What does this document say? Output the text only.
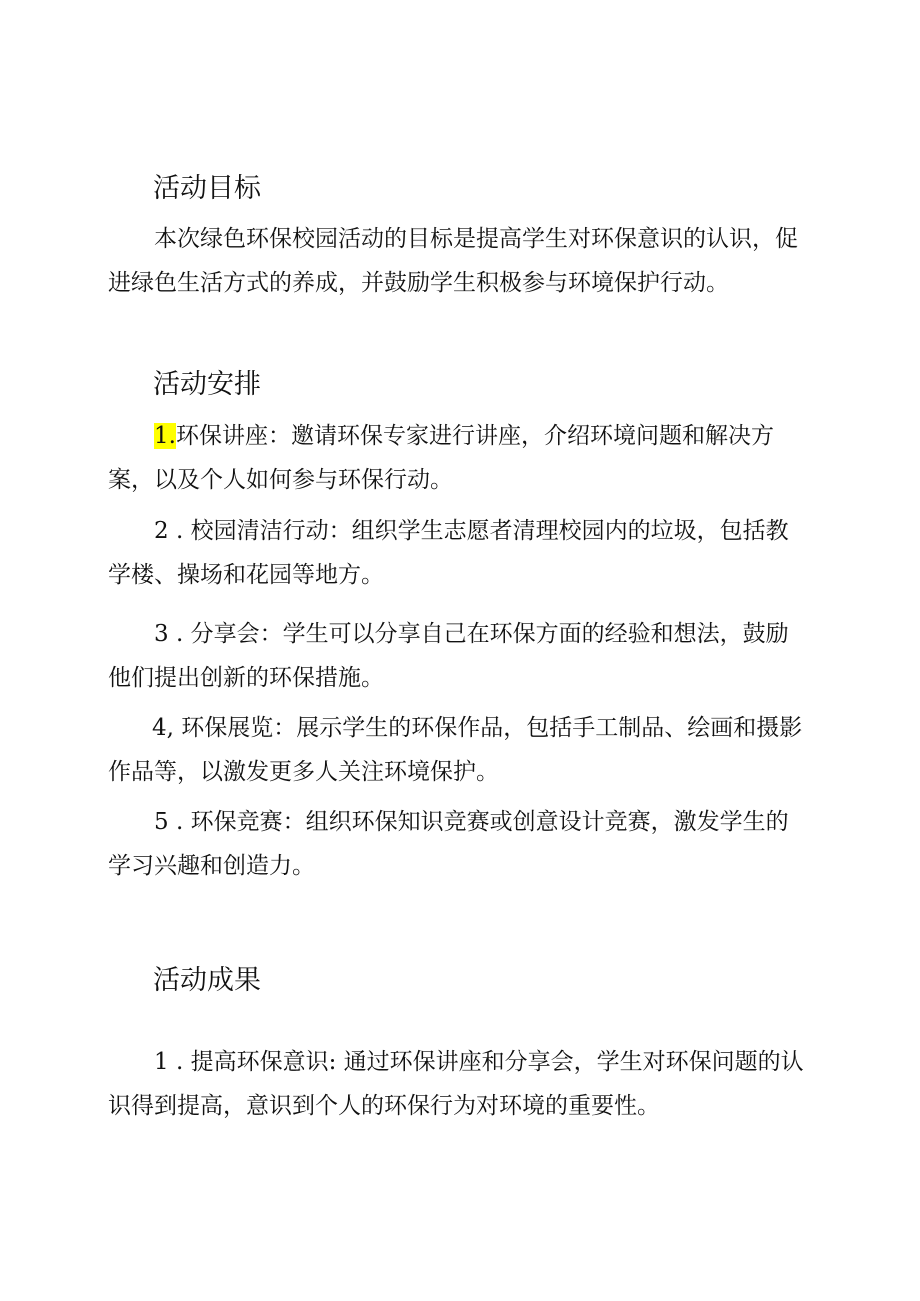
活动目标

本次绿色环保校园活动的目标是提高学生对环保意识的认识，促
进绿色生活方式的养成，并鼓励学生积极参与环境保护行动。

活动安排

1.环保讲座：邀请环保专家进行讲座，介绍环境问题和解决方
案，以及个人如何参与环保行动。

2 . 校园清洁行动：组织学生志愿者清理校园内的垃圾，包括教
学楼、操场和花园等地方。

3 . 分享会：学生可以分享自己在环保方面的经验和想法，鼓励
他们提出创新的环保措施。

4, 环保展览：展示学生的环保作品，包括手工制品、绘画和摄影
作品等，以激发更多人关注环境保护。

5 . 环保竞赛：组织环保知识竞赛或创意设计竞赛，激发学生的
学习兴趣和创造力。

活动成果

1 . 提高环保意识: 通过环保讲座和分享会，学生对环保问题的认
识得到提高，意识到个人的环保行为对环境的重要性。
